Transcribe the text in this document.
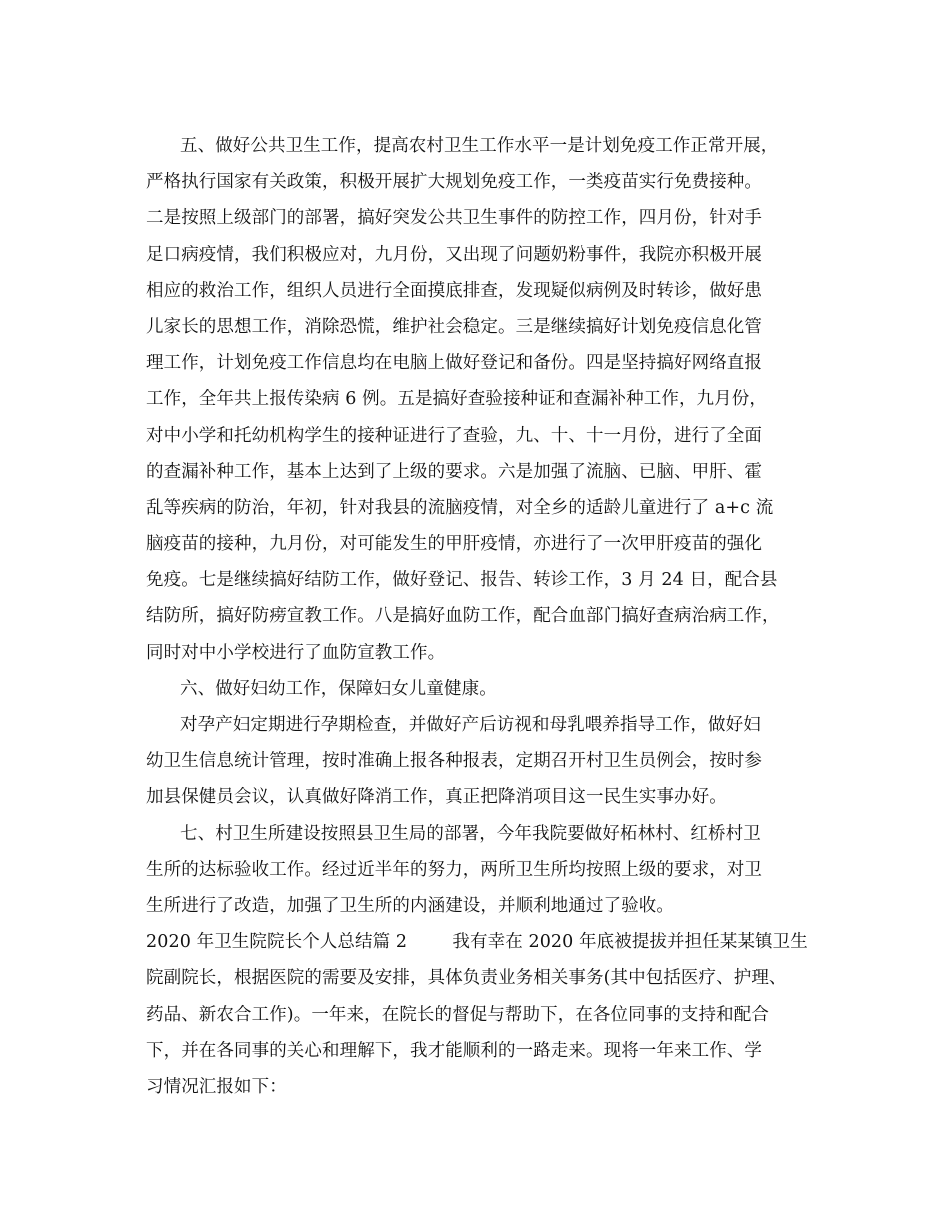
五、做好公共卫生工作，提高农村卫生工作水平一是计划免疫工作正常开展，
严格执行国家有关政策，积极开展扩大规划免疫工作，一类疫苗实行免费接种。
二是按照上级部门的部署，搞好突发公共卫生事件的防控工作，四月份，针对手
足口病疫情，我们积极应对，九月份，又出现了问题奶粉事件，我院亦积极开展
相应的救治工作，组织人员进行全面摸底排查，发现疑似病例及时转诊，做好患
儿家长的思想工作，消除恐慌，维护社会稳定。三是继续搞好计划免疫信息化管
理工作，计划免疫工作信息均在电脑上做好登记和备份。四是坚持搞好网络直报
工作，全年共上报传染病 6 例。五是搞好查验接种证和查漏补种工作，九月份，
对中小学和托幼机构学生的接种证进行了查验，九、十、十一月份，进行了全面
的查漏补种工作，基本上达到了上级的要求。六是加强了流脑、已脑、甲肝、霍
乱等疾病的防治，年初，针对我县的流脑疫情，对全乡的适龄儿童进行了 a+c 流
脑疫苗的接种，九月份，对可能发生的甲肝疫情，亦进行了一次甲肝疫苗的强化
免疫。七是继续搞好结防工作，做好登记、报告、转诊工作，3 月 24 日，配合县
结防所，搞好防痨宣教工作。八是搞好血防工作，配合血部门搞好查病治病工作，
同时对中小学校进行了血防宣教工作。
六、做好妇幼工作，保障妇女儿童健康。
对孕产妇定期进行孕期检查，并做好产后访视和母乳喂养指导工作，做好妇
幼卫生信息统计管理，按时准确上报各种报表，定期召开村卫生员例会，按时参
加县保健员会议，认真做好降消工作，真正把降消项目这一民生实事办好。
七、村卫生所建设按照县卫生局的部署，今年我院要做好柘林村、红桥村卫
生所的达标验收工作。经过近半年的努力，两所卫生所均按照上级的要求，对卫
生所进行了改造，加强了卫生所的内涵建设，并顺利地通过了验收。
2020 年卫生院院长个人总结篇 2        我有幸在 2020 年底被提拔并担任某某镇卫生
院副院长，根据医院的需要及安排，具体负责业务相关事务(其中包括医疗、护理、
药品、新农合工作)。一年来，在院长的督促与帮助下，在各位同事的支持和配合
下，并在各同事的关心和理解下，我才能顺利的一路走来。现将一年来工作、学
习情况汇报如下：
